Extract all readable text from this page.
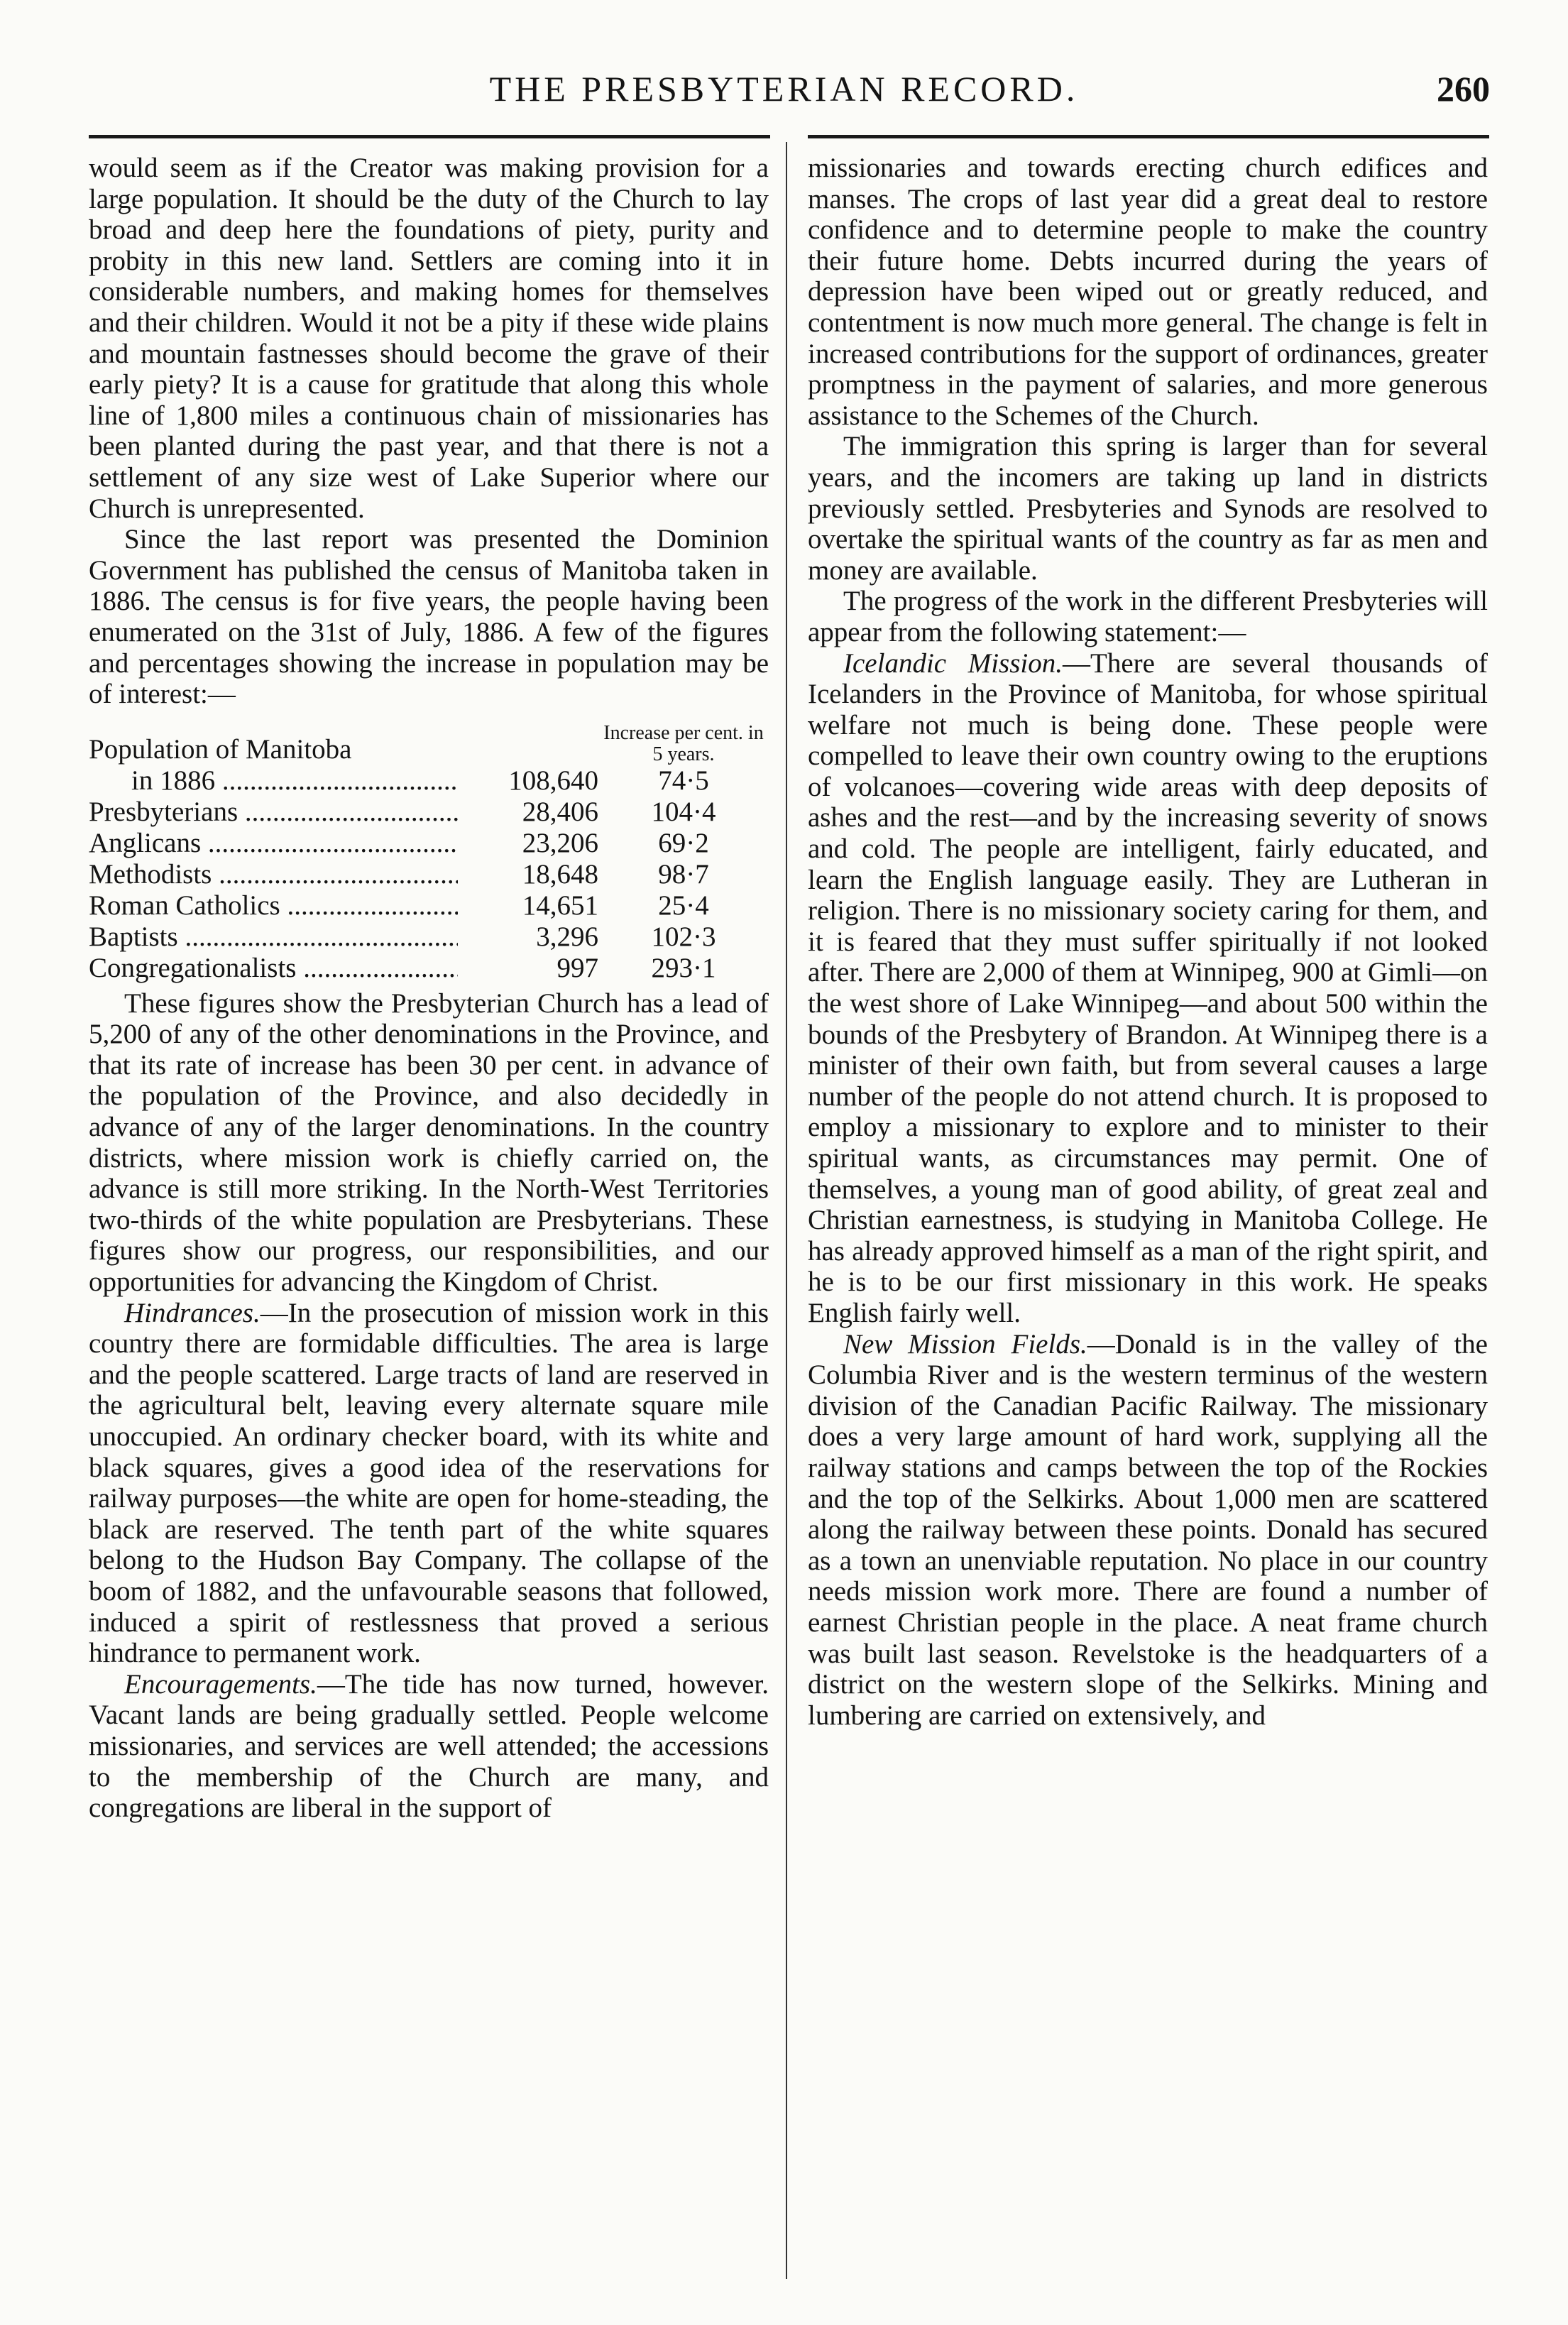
THE PRESBYTERIAN RECORD.	260

would seem as if the Creator was making provision for a large population. It should be the duty of the Church to lay broad and deep here the foundations of piety, purity and probity in this new land. Settlers are coming into it in considerable numbers, and making homes for themselves and their children. Would it not be a pity if these wide plains and mountain fastnesses should become the grave of their early piety? It is a cause for gratitude that along this whole line of 1,800 miles a continuous chain of missionaries has been planted during the past year, and that there is not a settlement of any size west of Lake Superior where our Church is unrepresented.

Since the last report was presented the Dominion Government has published the census of Manitoba taken in 1886. The census is for five years, the people having been enumerated on the 31st of July, 1886. A few of the figures and percentages showing the increase in population may be of interest:—

Population of Manitoba
Increase per cent. in 5 years.
in 1886 .....	108,640	74·5
Presbyterians .....	28,406	104·4
Anglicans .....	23,206	69·2
Methodists .....	18,648	98·7
Roman Catholics .....	14,651	25·4
Baptists .....	3,296	102·3
Congregationalists .....	997	293·1

These figures show the Presbyterian Church has a lead of 5,200 of any of the other denominations in the Province, and that its rate of increase has been 30 per cent. in advance of the population of the Province, and also decidedly in advance of any of the larger denominations. In the country districts, where mission work is chiefly carried on, the advance is still more striking. In the North-West Territories two-thirds of the white population are Presbyterians. These figures show our progress, our responsibilities, and our opportunities for advancing the Kingdom of Christ.

Hindrances.—In the prosecution of mission work in this country there are formidable difficulties. The area is large and the people scattered. Large tracts of land are reserved in the agricultural belt, leaving every alternate square mile unoccupied. An ordinary checker board, with its white and black squares, gives a good idea of the reservations for railway purposes—the white are open for home-steading, the black are reserved. The tenth part of the white squares belong to the Hudson Bay Company. The collapse of the boom of 1882, and the unfavourable seasons that followed, induced a spirit of restlessness that proved a serious hindrance to permanent work.

Encouragements.—The tide has now turned, however. Vacant lands are being gradually settled. People welcome missionaries, and services are well attended; the accessions to the membership of the Church are many, and congregations are liberal in the support of

missionaries and towards erecting church edifices and manses. The crops of last year did a great deal to restore confidence and to determine people to make the country their future home. Debts incurred during the years of depression have been wiped out or greatly reduced, and contentment is now much more general. The change is felt in increased contributions for the support of ordinances, greater promptness in the payment of salaries, and more generous assistance to the Schemes of the Church.

The immigration this spring is larger than for several years, and the incomers are taking up land in districts previously settled. Presbyteries and Synods are resolved to overtake the spiritual wants of the country as far as men and money are available.

The progress of the work in the different Presbyteries will appear from the following statement:—

Icelandic Mission.—There are several thousands of Icelanders in the Province of Manitoba, for whose spiritual welfare not much is being done. These people were compelled to leave their own country owing to the eruptions of volcanoes—covering wide areas with deep deposits of ashes and the rest—and by the increasing severity of snows and cold. The people are intelligent, fairly educated, and learn the English language easily. They are Lutheran in religion. There is no missionary society caring for them, and it is feared that they must suffer spiritually if not looked after. There are 2,000 of them at Winnipeg, 900 at Gimli—on the west shore of Lake Winnipeg—and about 500 within the bounds of the Presbytery of Brandon. At Winnipeg there is a minister of their own faith, but from several causes a large number of the people do not attend church. It is proposed to employ a missionary to explore and to minister to their spiritual wants, as circumstances may permit. One of themselves, a young man of good ability, of great zeal and Christian earnestness, is studying in Manitoba College. He has already approved himself as a man of the right spirit, and he is to be our first missionary in this work. He speaks English fairly well.

New Mission Fields.—Donald is in the valley of the Columbia River and is the western terminus of the western division of the Canadian Pacific Railway. The missionary does a very large amount of hard work, supplying all the railway stations and camps between the top of the Rockies and the top of the Selkirks. About 1,000 men are scattered along the railway between these points. Donald has secured as a town an unenviable reputation. No place in our country needs mission work more. There are found a number of earnest Christian people in the place. A neat frame church was built last season. Revelstoke is the headquarters of a district on the western slope of the Selkirks. Mining and lumbering are carried on extensively, and
